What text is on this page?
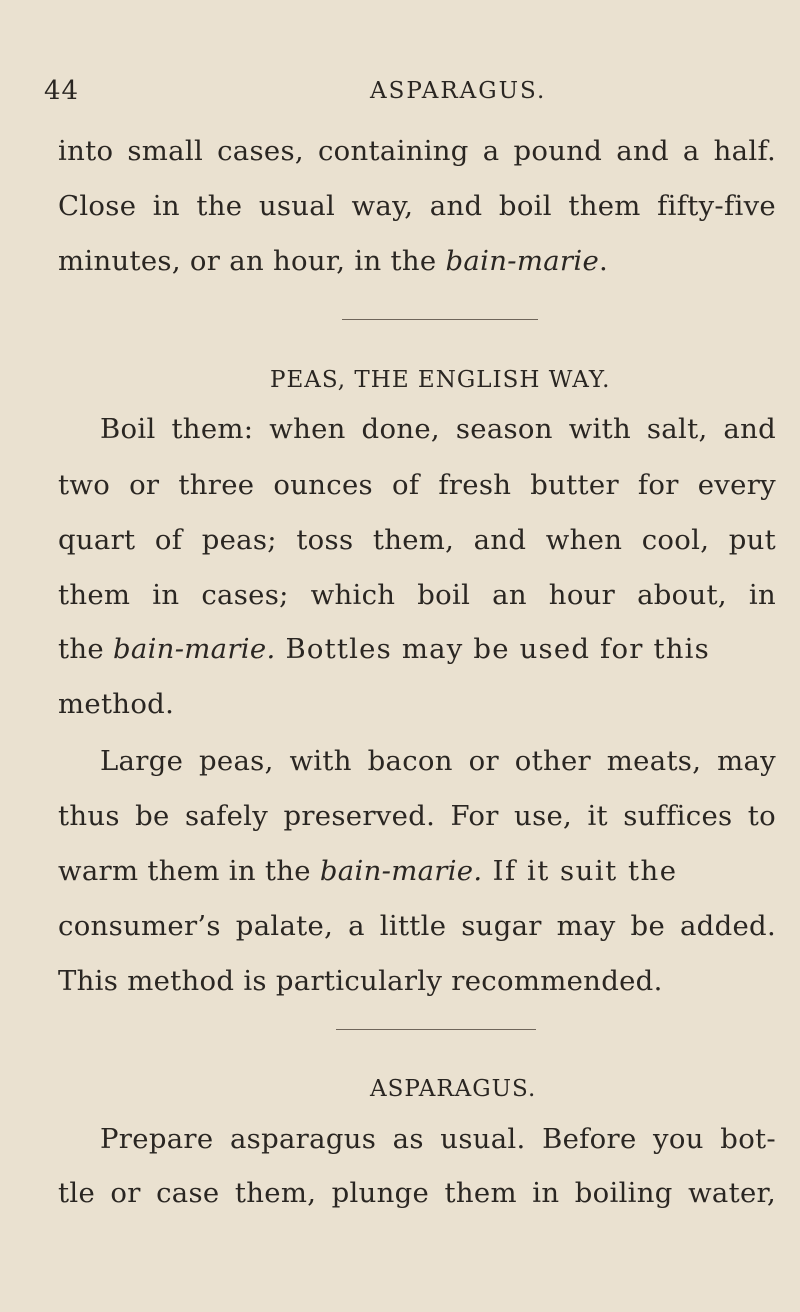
44	ASPARAGUS.
into small cases, containing a pound and a half.
Close in the usual way, and boil them fifty-five
minutes, or an hour, in the bain-marie.
PEAS, THE ENGLISH WAY.
Boil them: when done, season with salt, and
two or three ounces of fresh butter for every
quart of peas; toss them, and when cool, put
them in cases; which boil an hour about, in
the bain-marie. Bottles may be used for this
method.
Large peas, with bacon or other meats, may
thus be safely preserved. For use, it suffices to
warm them in the bain-marie. If it suit the
consumer’s palate, a little sugar may be added.
This method is particularly recommended.
ASPARAGUS.
Prepare asparagus as usual. Before you bot-
tle or case them, plunge them in boiling water,
